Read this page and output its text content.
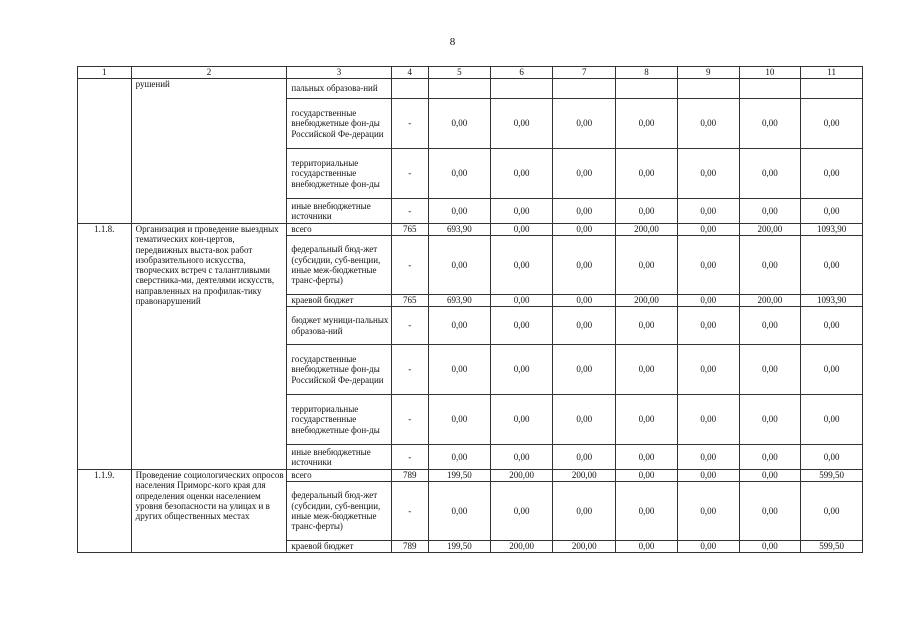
8
1	2	3	4	5	6	7	8	9	10	11
	рушений	пальных образова-ний								
		государственные внебюджетные фон-ды Российской Фе-дерации	-	0,00	0,00	0,00	0,00	0,00	0,00	0,00
		территориальные государственные внебюджетные фон-ды	-	0,00	0,00	0,00	0,00	0,00	0,00	0,00
		иные внебюджетные источники	-	0,00	0,00	0,00	0,00	0,00	0,00	0,00
1.1.8.	Организация и проведение выездных тематических кон-цертов, передвижных выста-вок работ изобразительного искусства, творческих встреч с талантливыми сверстника-ми, деятелями искусств, направленных на профилак-тику правонарушений	всего	765	693,90	0,00	0,00	200,00	0,00	200,00	1093,90
		федеральный бюд-жет (субсидии, суб-венции, иные меж-бюджетные транс-ферты)	-	0,00	0,00	0,00	0,00	0,00	0,00	0,00
		краевой бюджет	765	693,90	0,00	0,00	200,00	0,00	200,00	1093,90
		бюджет муници-пальных образова-ний	-	0,00	0,00	0,00	0,00	0,00	0,00	0,00
		государственные внебюджетные фон-ды Российской Фе-дерации	-	0,00	0,00	0,00	0,00	0,00	0,00	0,00
		территориальные государственные внебюджетные фон-ды	-	0,00	0,00	0,00	0,00	0,00	0,00	0,00
		иные внебюджетные источники	-	0,00	0,00	0,00	0,00	0,00	0,00	0,00
1.1.9.	Проведение социологических опросов населения Приморс-кого края для определения оценки населением уровня безопасности на улицах и в других общественных местах	всего	789	199,50	200,00	200,00	0,00	0,00	0,00	599,50
		федеральный бюд-жет (субсидии, суб-венции, иные меж-бюджетные транс-ферты)	-	0,00	0,00	0,00	0,00	0,00	0,00	0,00
		краевой бюджет	789	199,50	200,00	200,00	0,00	0,00	0,00	599,50
